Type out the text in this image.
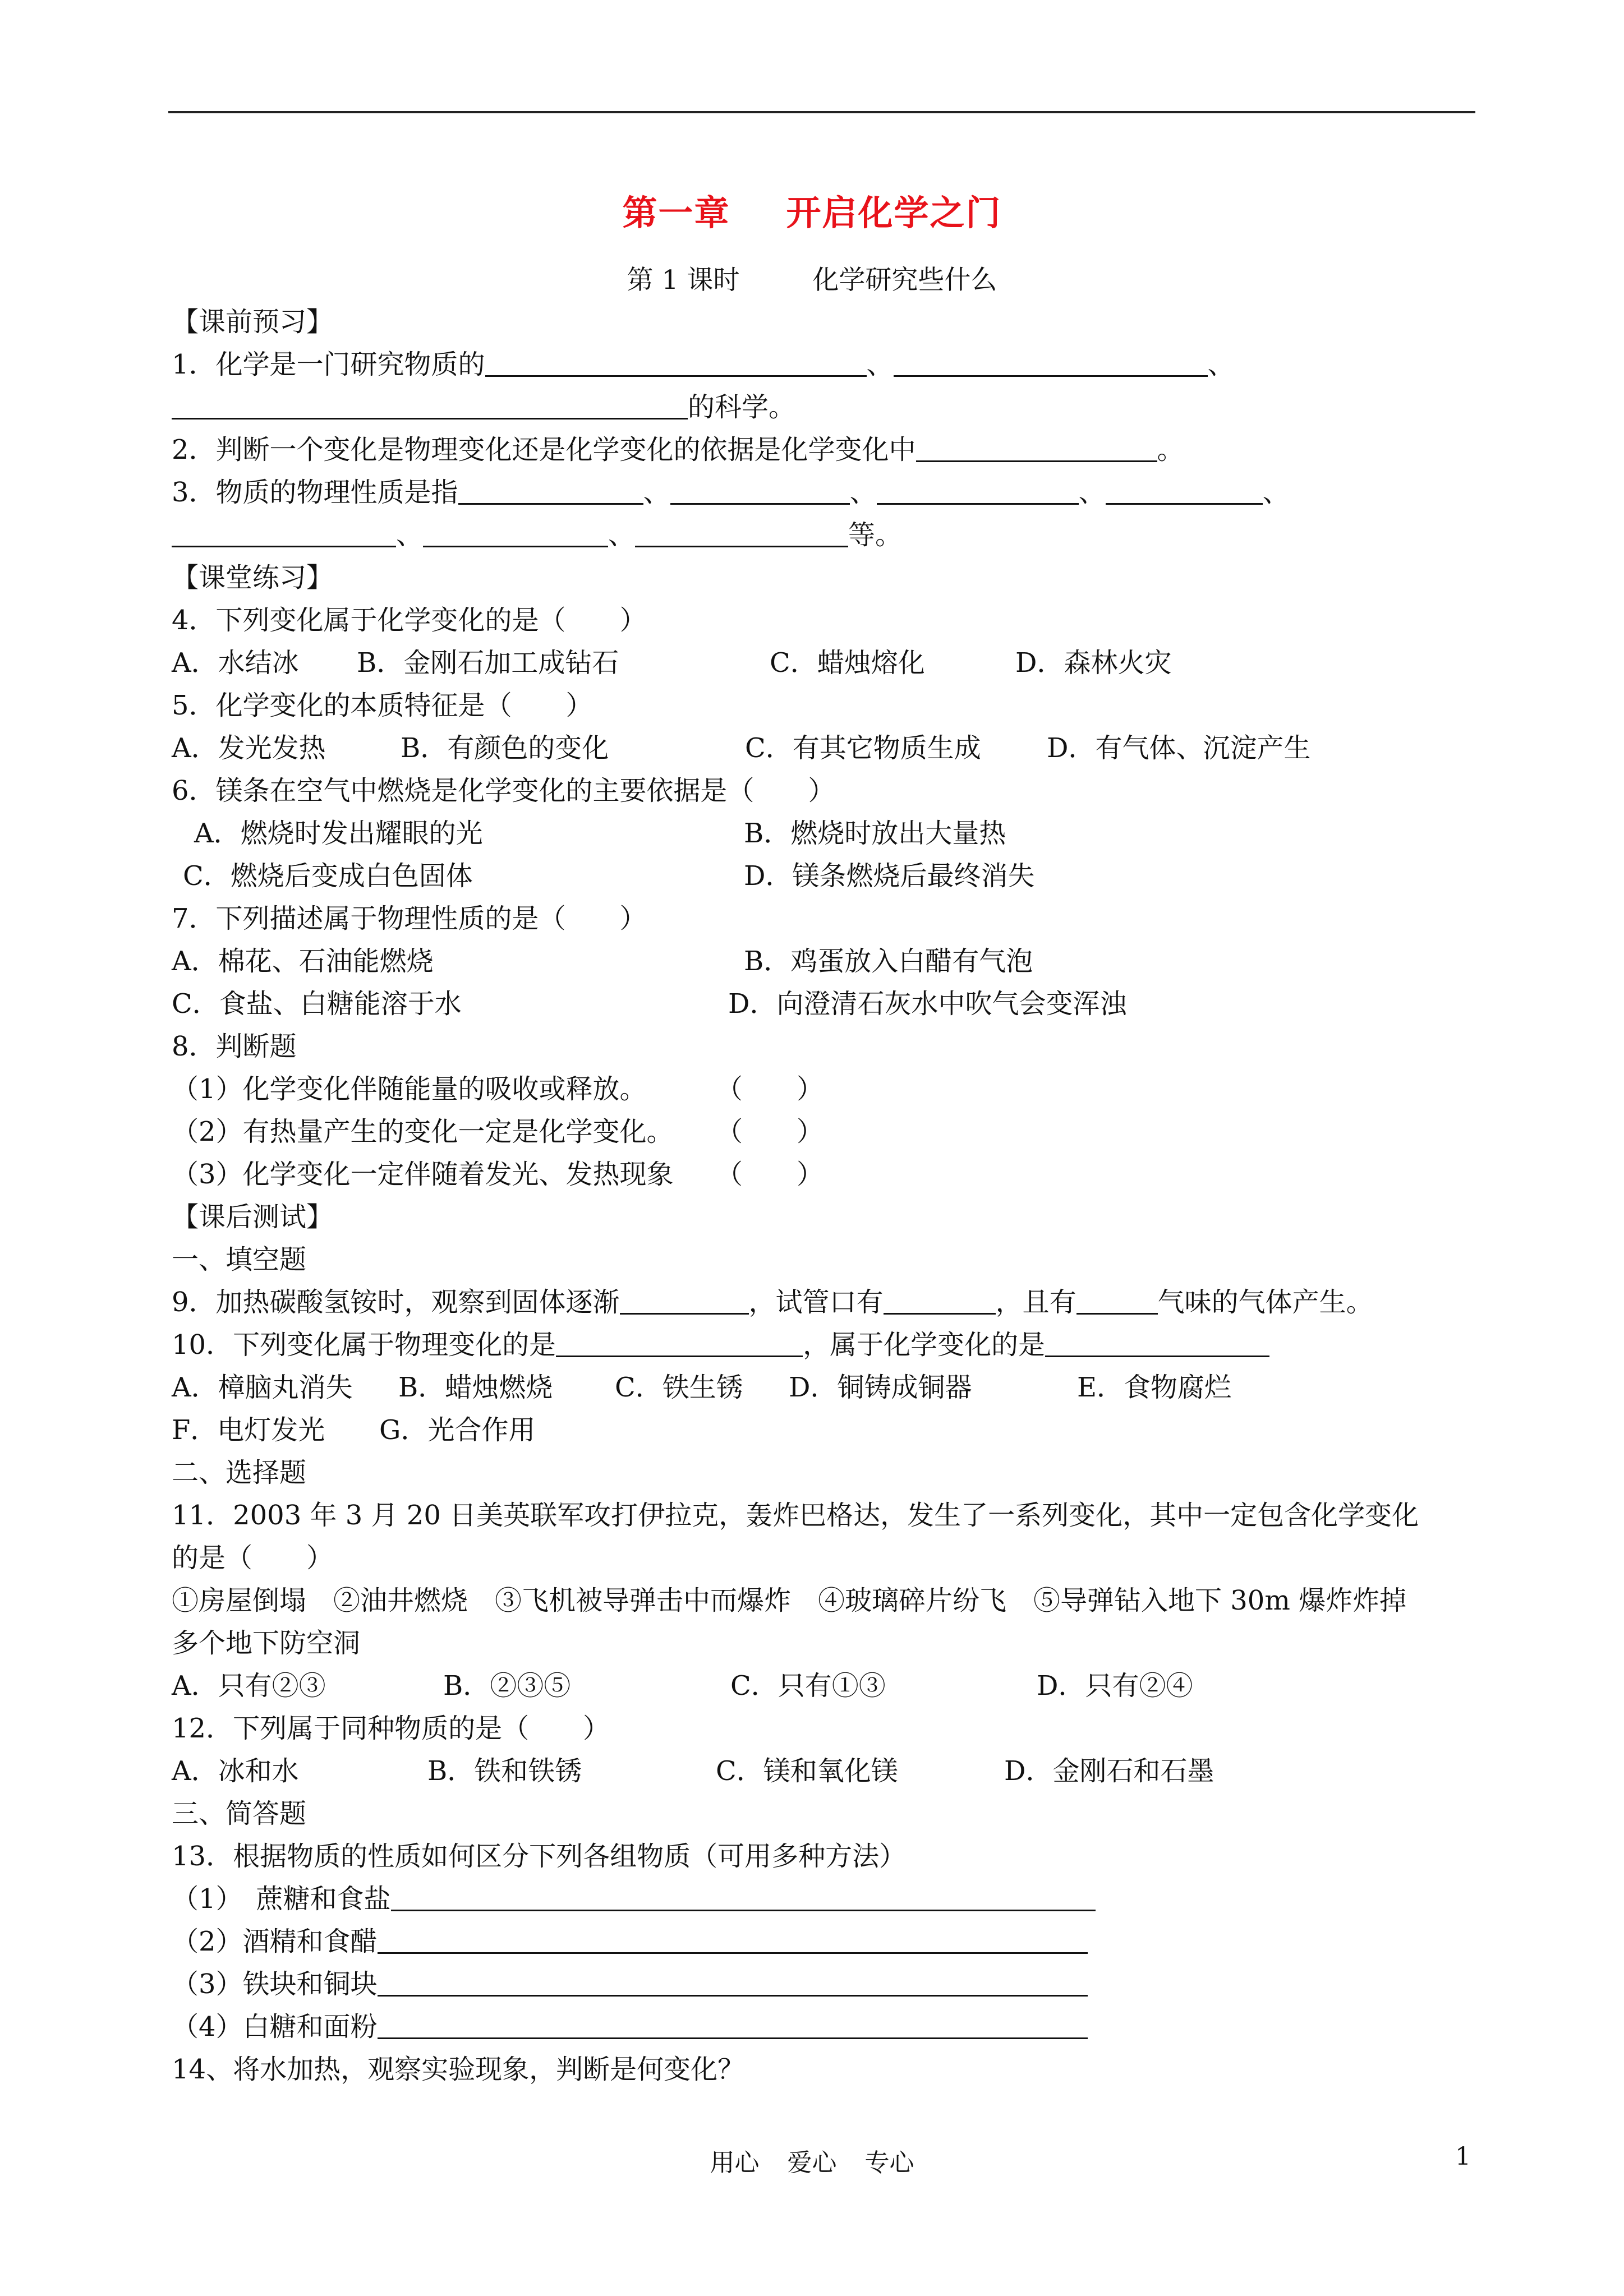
第一章 开启化学之门
第 1 课时	化学研究些什么
【课前预习】
1．化学是一门研究物质的	、	、
的科学。
2．判断一个变化是物理变化还是化学变化的依据是化学变化中	。
3．物质的物理性质是指	、	、	、	、
、	、	等。
【课堂练习】
4．下列变化属于化学变化的是（　　）
A．水结冰 B．金刚石加工成钻石	C．蜡烛熔化	D．森林火灾
5．化学变化的本质特征是（　　）
A．发光发热	B．有颜色的变化	C．有其它物质生成 D．有气体、沉淀产生
6．镁条在空气中燃烧是化学变化的主要依据是（　　）
A．燃烧时发出耀眼的光	B．燃烧时放出大量热
C．燃烧后变成白色固体	D．镁条燃烧后最终消失
7．下列描述属于物理性质的是（　　）
A．棉花、石油能燃烧	B．鸡蛋放入白醋有气泡
C．食盐、白糖能溶于水	D．向澄清石灰水中吹气会变浑浊
8．判断题
（1）化学变化伴随能量的吸收或释放。	（　　）
（2）有热量产生的变化一定是化学变化。 （　　）
（3）化学变化一定伴随着发光、发热现象 （　　）
【课后测试】
一、填空题
9．加热碳酸氢铵时，观察到固体逐渐	，试管口有	，且有	气味的气体产生。
10．下列变化属于物理变化的是	，属于化学变化的是
A．樟脑丸消失 B．蜡烛燃烧 C．铁生锈 D．铜铸成铜器	E．食物腐烂
F．电灯发光 G．光合作用
二、选择题
11．2003 年 3 月 20 日美英联军攻打伊拉克，轰炸巴格达，发生了一系列变化，其中一定包含化学变化
的是（　　）
①房屋倒塌　②油井燃烧　③飞机被导弹击中而爆炸　④玻璃碎片纷飞　⑤导弹钻入地下 30m 爆炸炸掉
多个地下防空洞
A．只有②③	B．②③⑤	C．只有①③	D．只有②④
12．下列属于同种物质的是（　　）
A．冰和水	B．铁和铁锈	C．镁和氧化镁	D．金刚石和石墨
三、简答题
13．根据物质的性质如何区分下列各组物质（可用多种方法）
（1）　蔗糖和食盐
（2）酒精和食醋
（3）铁块和铜块
（4）白糖和面粉
14、将水加热，观察实验现象，判断是何变化？
用心 爱心 专心	1
